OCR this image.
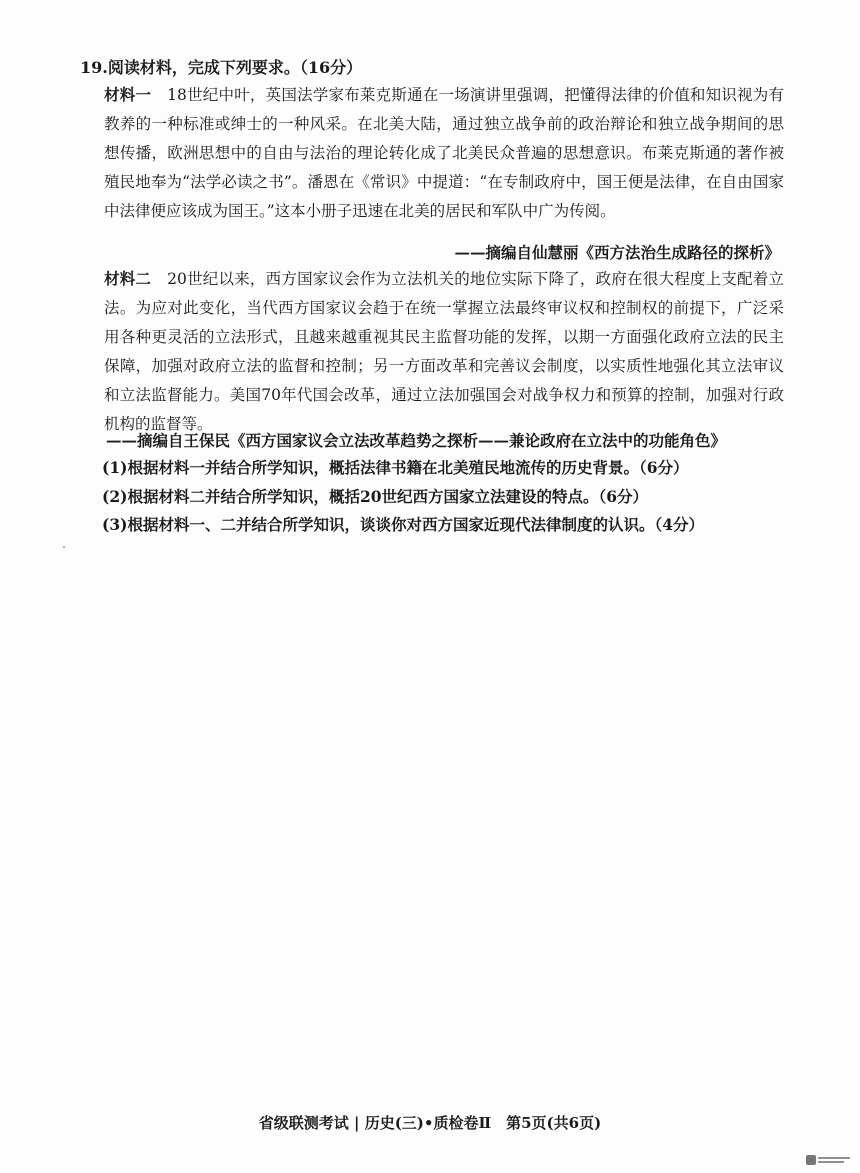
19.阅读材料，完成下列要求。（16分）
材料一 18世纪中叶，英国法学家布莱克斯通在一场演讲里强调，把懂得法律的价值和知识视为有教养的一种标准或绅士的一种风采。在北美大陆，通过独立战争前的政治辩论和独立战争期间的思想传播，欧洲思想中的自由与法治的理论转化成了北美民众普遍的思想意识。布莱克斯通的著作被殖民地奉为“法学必读之书”。潘恩在《常识》中提道：“在专制政府中，国王便是法律，在自由国家中法律便应该成为国王。”这本小册子迅速在北美的居民和军队中广为传阅。
——摘编自仙慧丽《西方法治生成路径的探析》
材料二 20世纪以来，西方国家议会作为立法机关的地位实际下降了，政府在很大程度上支配着立法。为应对此变化，当代西方国家议会趋于在统一掌握立法最终审议权和控制权的前提下，广泛采用各种更灵活的立法形式，且越来越重视其民主监督功能的发挥，以期一方面强化政府立法的民主保障，加强对政府立法的监督和控制；另一方面改革和完善议会制度，以实质性地强化其立法审议和立法监督能力。美国70年代国会改革，通过立法加强国会对战争权力和预算的控制，加强对行政机构的监督等。
——摘编自王保民《西方国家议会立法改革趋势之探析——兼论政府在立法中的功能角色》
(1)根据材料一并结合所学知识，概括法律书籍在北美殖民地流传的历史背景。（6分）
(2)根据材料二并结合所学知识，概括20世纪西方国家立法建设的特点。（6分）
(3)根据材料一、二并结合所学知识，谈谈你对西方国家近现代法律制度的认识。（4分）
省级联测考试 | 历史(三)•质检卷Ⅱ　第5页(共6页)
